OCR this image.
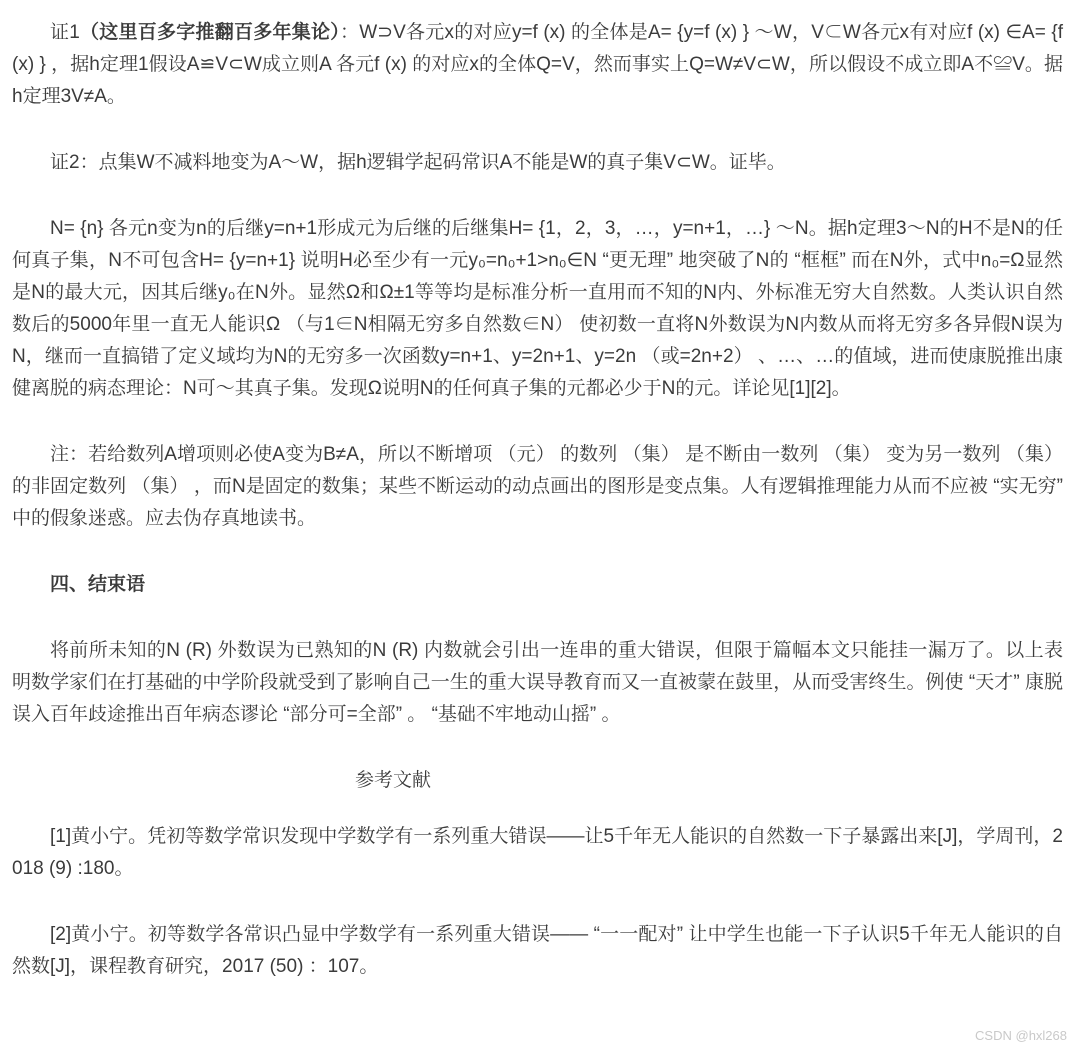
证1（这里百多字推翻百多年集论）：W⊃V各元x的对应y=f (x) 的全体是A= {y=f (x) } ～W，V⊂W各元x有对应f (x) ∈A= {f (x) } ，据h定理1假设A≌V⊂W成立则A 各元f (x) 的对应x的全体Q=V，然而事实上Q=W≠V⊂W，所以假设不成立即A不≌V。据h定理3V≠A。

证2：点集W不减料地变为A～W，据h逻辑学起码常识A不能是W的真子集V⊂W。证毕。

N= {n} 各元n变为n的后继y=n+1形成元为后继的后继集H= {1，2，3，…，y=n+1，…} ～N。据h定理3～N的H不是N的任何真子集，N不可包含H= {y=n+1} 说明H必至少有一元y₀=n₀+1>n₀∈N “更无理” 地突破了N的 “框框” 而在N外，式中n₀=Ω显然是N的最大元，因其后继y₀在N外。显然Ω和Ω±1等等均是标准分析一直用而不知的N内、外标准无穷大自然数。人类认识自然数后的5000年里一直无人能识Ω （与1∈N相隔无穷多自然数∈N） 使初数一直将N外数误为N内数从而将无穷多各异假N误为N，继而一直搞错了定义域均为N的无穷多一次函数y=n+1、y=2n+1、y=2n （或=2n+2） 、…、…的值域，进而使康脱推出康健离脱的病态理论：N可～其真子集。发现Ω说明N的任何真子集的元都必少于N的元。详论见[1][2]。

注：若给数列A增项则必使A变为B≠A，所以不断增项 （元） 的数列 （集） 是不断由一数列 （集） 变为另一数列 （集） 的非固定数列 （集） ，而N是固定的数集；某些不断运动的动点画出的图形是变点集。人有逻辑推理能力从而不应被 “实无穷” 中的假象迷惑。应去伪存真地读书。

四、结束语

将前所未知的N (R) 外数误为已熟知的N (R) 内数就会引出一连串的重大错误，但限于篇幅本文只能挂一漏万了。以上表明数学家们在打基础的中学阶段就受到了影响自己一生的重大误导教育而又一直被蒙在鼓里，从而受害终生。例使 “天才” 康脱误入百年歧途推出百年病态谬论 “部分可=全部” 。 “基础不牢地动山摇” 。

参考文献

[1]黄小宁。凭初等数学常识发现中学数学有一系列重大错误——让5千年无人能识的自然数一下子暴露出来[J]，学周刊，2018 (9) :180。

[2]黄小宁。初等数学各常识凸显中学数学有一系列重大错误—— “一一配对” 让中学生也能一下子认识5千年无人能识的自然数[J]，课程教育研究，2017 (50) ：107。

CSDN @hxl268
